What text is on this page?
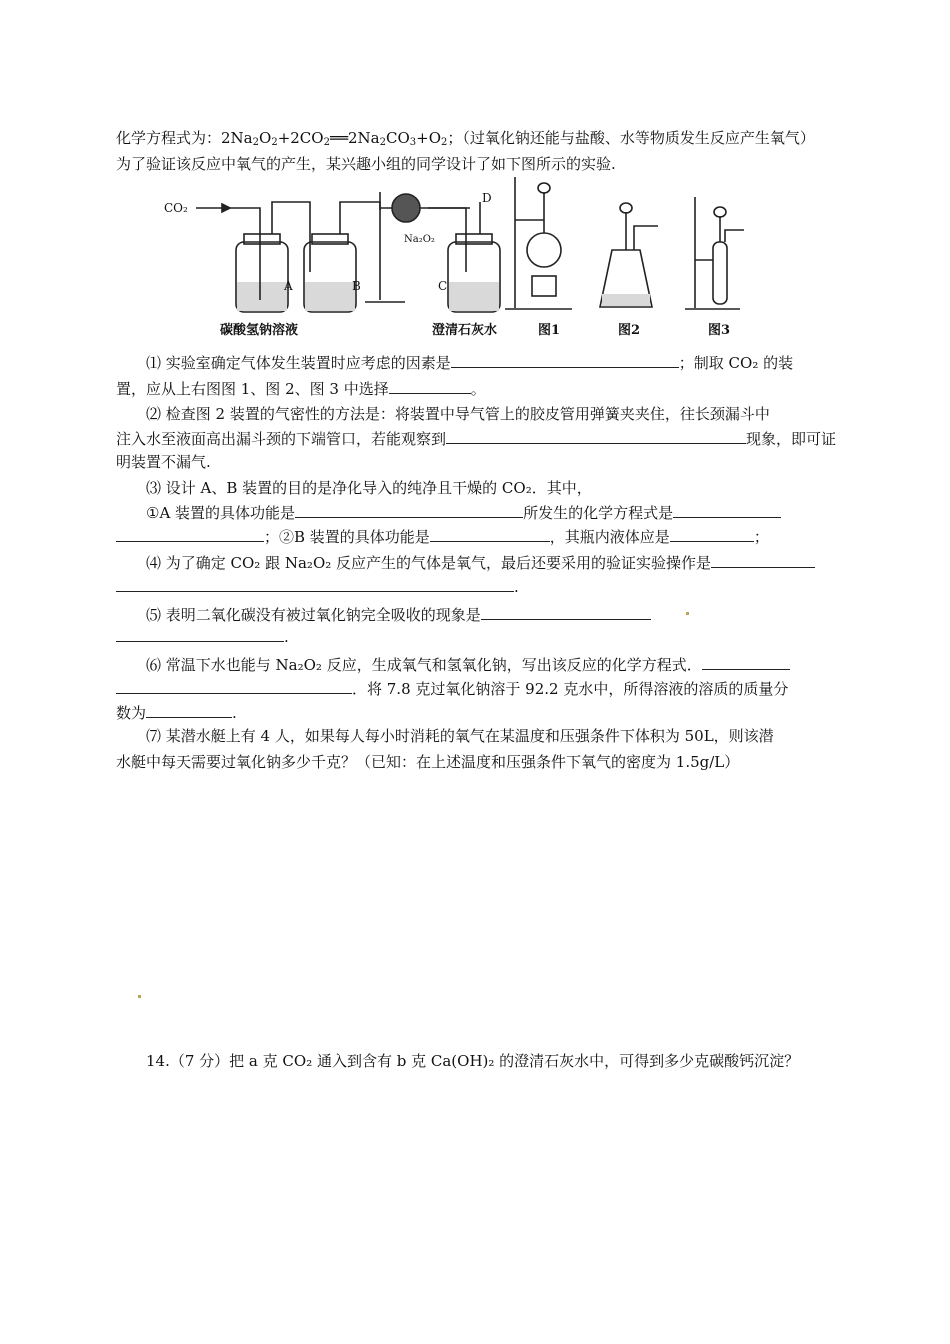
化学方程式为：$2Na_2O_2+2CO_2══2Na_2CO_3+O_2$；（过氧化钠还能与盐酸、水等物质发生反应产生氧气）
为了验证该反应中氧气的产生，某兴趣小组的同学设计了如下图所示的实验.
CO₂
Na₂O₂
A	B	C
D
碳酸氢钠溶液	澄清石灰水	图1	图2	图3
⑴ 实验室确定气体发生装置时应考虑的因素是	；制取 CO₂ 的装
置，应从上右图图 1、图 2、图 3 中选择	。
⑵ 检查图 2 装置的气密性的方法是：将装置中导气管上的胶皮管用弹簧夹夹住，往长颈漏斗中
注入水至液面高出漏斗颈的下端管口，若能观察到	现象，即可证
明装置不漏气.
⑶ 设计 A、B 装置的目的是净化导入的纯净且干燥的 CO₂．其中，
①A 装置的具体功能是	所发生的化学方程式是
；②B 装置的具体功能是	，其瓶内液体应是	；
⑷ 为了确定 CO₂ 跟 Na₂O₂ 反应产生的气体是氧气，最后还要采用的验证实验操作是
.
⑸ 表明二氧化碳没有被过氧化钠完全吸收的现象是
.
⑹ 常温下水也能与 Na₂O₂ 反应，生成氧气和氢氧化钠，写出该反应的化学方程式．
．将 7.8 克过氧化钠溶于 92.2 克水中，所得溶液的溶质的质量分
数为	.
⑺ 某潜水艇上有 4 人，如果每人每小时消耗的氧气在某温度和压强条件下体积为 50L，则该潜
水艇中每天需要过氧化钠多少千克？（已知：在上述温度和压强条件下氧气的密度为 1.5g/L）
14.（7 分）把 a 克 CO₂ 通入到含有 b 克 Ca(OH)₂ 的澄清石灰水中，可得到多少克碳酸钙沉淀？
